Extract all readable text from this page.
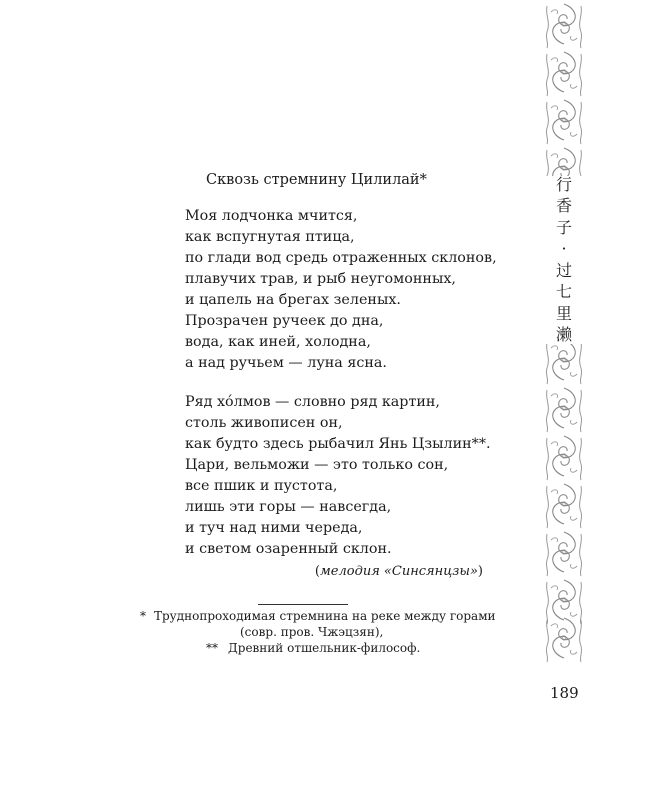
Сквозь стремнину Цилилай*
Моя лодчонка мчится,
как вспугнутая птица,
по глади вод средь отраженных склонов,
плавучих трав, и рыб неугомонных,
и цапель на брегах зеленых.
Прозрачен ручеек до дна,
вода, как иней, холодна,
а над ручьем — луна ясна.
Ряд хóлмов — словно ряд картин,
столь живописен он,
как будто здесь рыбачил Янь Цзылин**.
Цари, вельможи — это только сон,
все пшик и пустота,
лишь эти горы — навсегда,
и туч над ними череда,
и светом озаренный склон.
(мелодия «Синсянцзы»)
* Труднопроходимая стремнина на реке между горами
(совр. пров. Чжэцзян),
** Древний отшельник-философ.
行
香
子
·
过
七
里
濑
189
